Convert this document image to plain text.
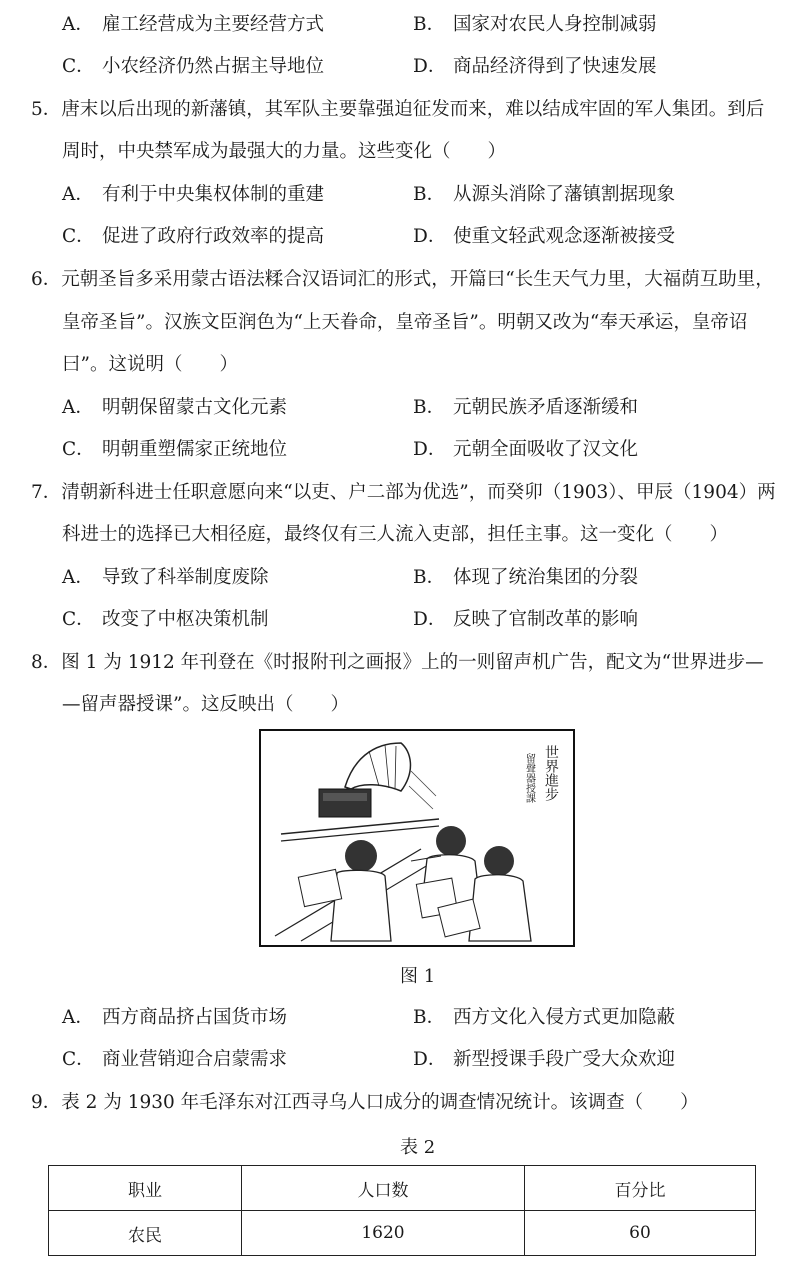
A． 雇工经营成为主要经营方式	B． 国家对农民人身控制减弱
C． 小农经济仍然占据主导地位	D． 商品经济得到了快速发展
5．唐末以后出现的新藩镇，其军队主要靠强迫征发而来，难以结成牢固的军人集团。到后
周时，中央禁军成为最强大的力量。这些变化（　　）
A． 有利于中央集权体制的重建	B． 从源头消除了藩镇割据现象
C． 促进了政府行政效率的提高	D． 使重文轻武观念逐渐被接受
6．元朝圣旨多采用蒙古语法糅合汉语词汇的形式，开篇曰“长生天气力里，大福荫互助里，
皇帝圣旨”。汉族文臣润色为“上天眷命，皇帝圣旨”。明朝又改为“奉天承运，皇帝诏
曰”。这说明（　　）
A． 明朝保留蒙古文化元素	B． 元朝民族矛盾逐渐缓和
C． 明朝重塑儒家正统地位	D． 元朝全面吸收了汉文化
7．清朝新科进士任职意愿向来“以吏、户二部为优选”，而癸卯（1903）、甲辰（1904）两
科进士的选择已大相径庭，最终仅有三人流入吏部，担任主事。这一变化（　　）
A． 导致了科举制度废除	B． 体现了统治集团的分裂
C． 改变了中枢决策机制	D． 反映了官制改革的影响
8．图 1 为 1912 年刊登在《时报附刊之画报》上的一则留声机广告，配文为“世界进步—
—留声器授课”。这反映出（　　）
世界進步
留聲器授課
图 1
A． 西方商品挤占国货市场	B． 西方文化入侵方式更加隐蔽
C． 商业营销迎合启蒙需求	D． 新型授课手段广受大众欢迎
9．表 2 为 1930 年毛泽东对江西寻乌人口成分的调查情况统计。该调查（　　）
表 2
职业	人口数	百分比
农民	1620	60
